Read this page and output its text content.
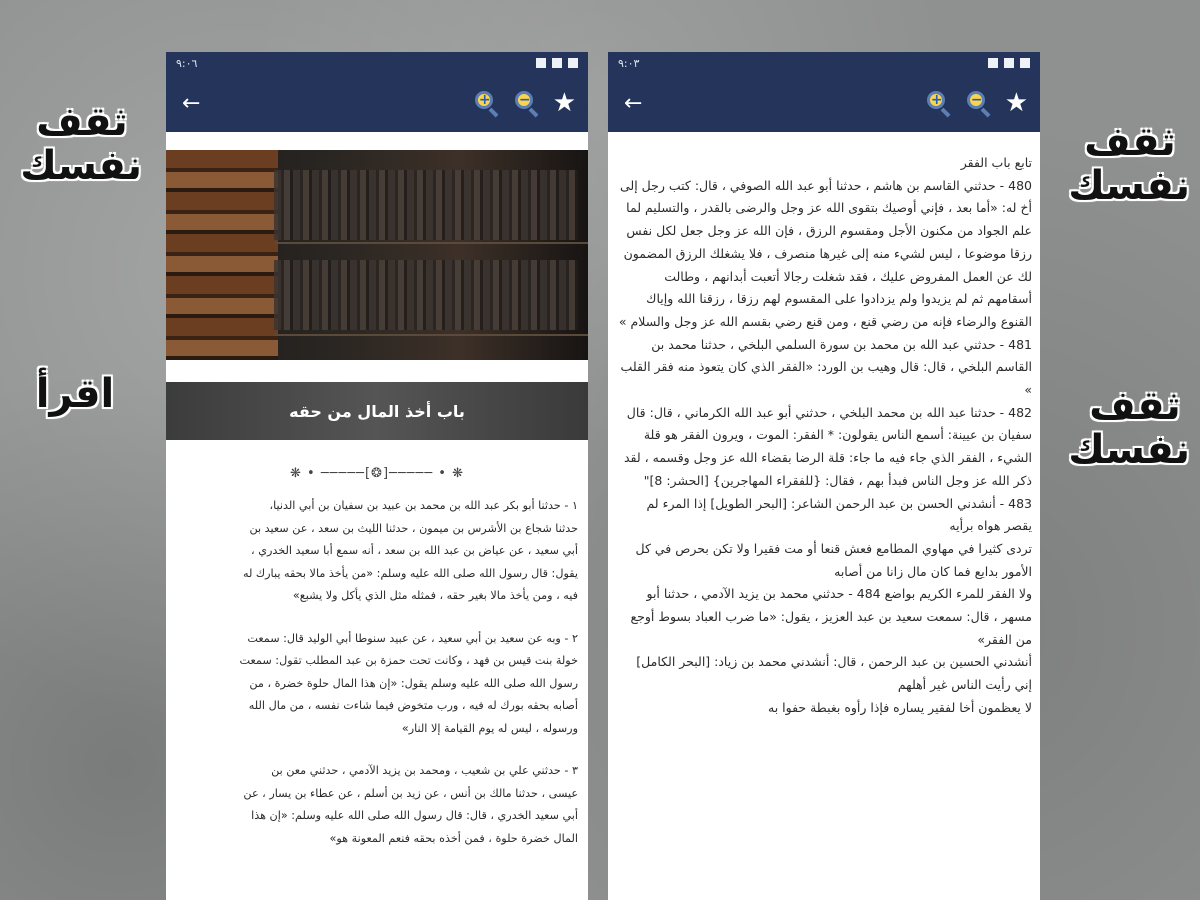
ثقف
نفسك
اقرأ
ثقف
نفسك
ثقف
نفسك
٩:٠٦
←	+ − ★
باب أخذ المال من حقه
❋ • ─────[❂]───── • ❋

١ - حدثنا أبو بكر عبد الله بن محمد بن عبيد بن سفيان بن أبي الدنيا،
حدثنا شجاع بن الأشرس بن ميمون ، حدثنا الليث بن سعد ، عن سعيد بن
أبي سعيد ، عن عياض بن عبد الله بن سعد ، أنه سمع أبا سعيد الخدري ،
يقول: قال رسول الله صلى الله عليه وسلم: «من يأخذ مالا بحقه يبارك له
فيه ، ومن يأخذ مالا بغير حقه ، فمثله مثل الذي يأكل ولا يشبع»

٢ - وبه عن سعيد بن أبي سعيد ، عن عبيد سنوطا أبي الوليد قال: سمعت
خولة بنت قيس بن فهد ، وكانت تحت حمزة بن عبد المطلب تقول: سمعت
رسول الله صلى الله عليه وسلم يقول: «إن هذا المال حلوة خضرة ، من
أصابه بحقه بورك له فيه ، ورب متخوض فيما شاءت نفسه ، من مال الله
ورسوله ، ليس له يوم القيامة إلا النار»

٣ - حدثني علي بن شعيب ، ومحمد بن يزيد الآدمي ، حدثني معن بن
عيسى ، حدثنا مالك بن أنس ، عن زيد بن أسلم ، عن عطاء بن يسار ، عن
أبي سعيد الخدري ، قال: قال رسول الله صلى الله عليه وسلم: «إن هذا
المال خضرة حلوة ، فمن أخذه بحقه فنعم المعونة هو»

٩:٠٣
←	+ − ★
تابع باب الفقر
480 - حدثني القاسم بن هاشم ، حدثنا أبو عبد الله الصوفي ، قال: كتب رجل إلى أخ له: «أما بعد ، فإني أوصيك بتقوى الله عز وجل والرضى بالقدر ، والتسليم لما علم الجواد من مكنون الأجل ومقسوم الرزق ، فإن الله عز وجل جعل لكل نفس رزقا موضوعا ، ليس لشيء منه إلى غيرها منصرف ، فلا يشغلك الرزق المضمون لك عن العمل المفروض عليك ، فقد شغلت رجالا أتعبت أبدانهم ، وطالت أسقامهم ثم لم يزيدوا ولم يزدادوا على المقسوم لهم رزقا ، رزقنا الله وإياك القنوع والرضاء فإنه من رضي قنع ، ومن قنع رضي بقسم الله عز وجل والسلام »
481 - حدثني عبد الله بن محمد بن سورة السلمي البلخي ، حدثنا محمد بن القاسم البلخي ، قال: قال وهيب بن الورد: «الفقر الذي كان يتعوذ منه فقر القلب »
482 - حدثنا عبد الله بن محمد البلخي ، حدثني أبو عبد الله الكرماني ، قال: قال سفيان بن عيينة: أسمع الناس يقولون: * الفقر: الموت ، ويرون الفقر هو قلة الشيء ، الفقر الذي جاء فيه ما جاء: قلة الرضا بقضاء الله عز وجل وقسمه ، لقد ذكر الله عز وجل الناس فبدأ بهم ، فقال: {للفقراء المهاجرين} [الحشر: 8]"
483 - أنشدني الحسن بن عبد الرحمن الشاعر: [البحر الطويل] إذا المرء لم يقصر هواه برأيه
تردى كثيرا في مهاوي المطامع فعش قنعا أو مت فقيرا ولا تكن بحرص في كل الأمور بدايع فما كان مال زانا من أصابه
ولا الفقر للمرء الكريم بواضع 484 - حدثني محمد بن يزيد الآدمي ، حدثنا أبو مسهر ، قال: سمعت سعيد بن عبد العزيز ، يقول: «ما ضرب العباد بسوط أوجع من الفقر»
أنشدني الحسين بن عبد الرحمن ، قال: أنشدني محمد بن زياد: [البحر الكامل] إني رأيت الناس غير أهلهم
لا يعظمون أخا لفقير يساره فإذا رأوه بغبطة حفوا به
